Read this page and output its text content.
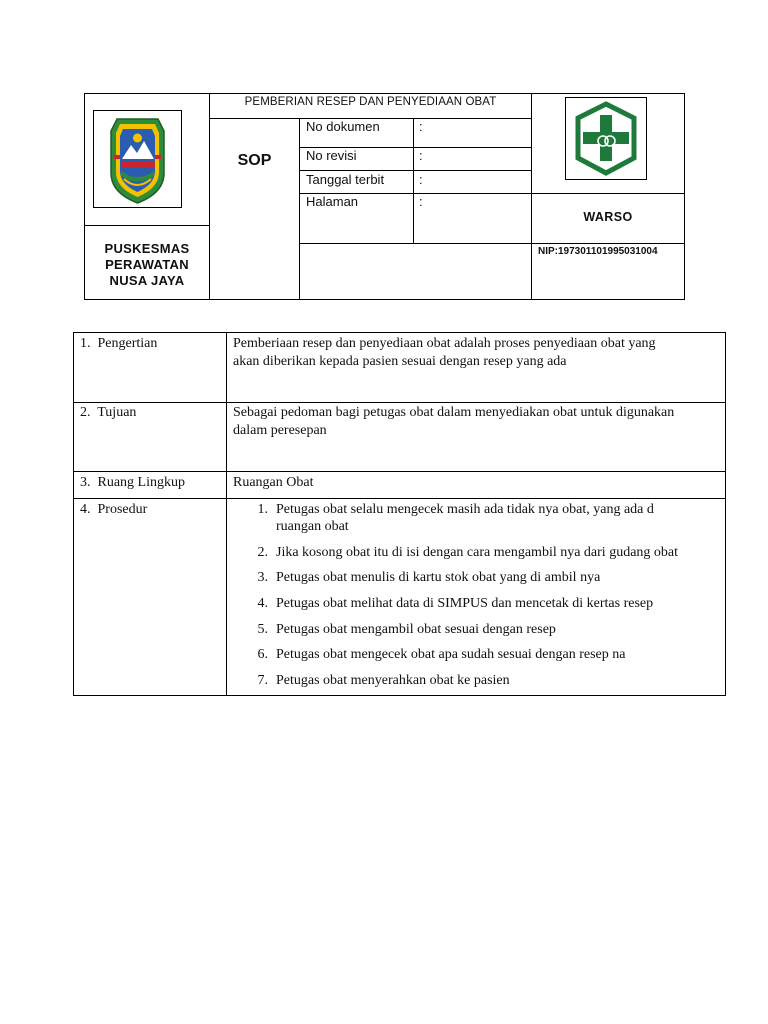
PUSKESMAS
PERAWATAN
NUSA JAYA
PEMBERIAN RESEP DAN PENYEDIAAN OBAT
SOP
No dokumen	:
No revisi	:
Tanggal terbit	:
Halaman	:
WARSO
NIP:197301101995031004
1.  Pengertian	Pemberiaan resep dan penyediaan obat adalah proses penyediaan obat yang
akan diberikan kepada pasien sesuai dengan resep yang ada
2.  Tujuan	Sebagai pedoman bagi petugas obat dalam menyediakan obat untuk digunakan
dalam peresepan
3.  Ruang Lingkup	Ruangan Obat
4.  Prosedur	1. Petugas obat selalu mengecek masih ada tidak nya obat, yang ada d
ruangan obat
2. Jika kosong obat itu di isi dengan cara mengambil nya dari gudang obat
3. Petugas obat menulis di kartu stok obat yang di ambil nya
4. Petugas obat melihat data di SIMPUS dan mencetak di kertas resep
5. Petugas obat mengambil obat sesuai dengan resep
6. Petugas obat mengecek obat apa sudah sesuai dengan resep na
7. Petugas obat menyerahkan obat ke pasien
